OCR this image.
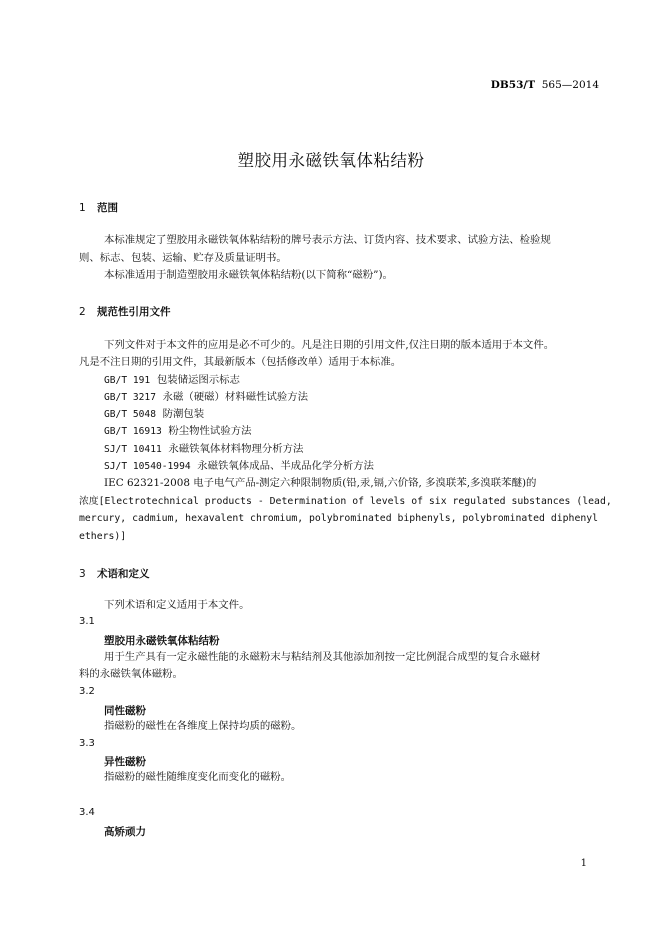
DB53/T 565—2014
塑胶用永磁铁氧体粘结粉
1 范围
本标准规定了塑胶用永磁铁氧体粘结粉的牌号表示方法、订货内容、技术要求、试验方法、检验规
则、标志、包装、运输、贮存及质量证明书。
本标准适用于制造塑胶用永磁铁氧体粘结粉(以下简称“磁粉”)。
2 规范性引用文件
下列文件对于本文件的应用是必不可少的。凡是注日期的引用文件,仅注日期的版本适用于本文件。
凡是不注日期的引用文件，其最新版本（包括修改单）适用于本标准。
GB/T 191 包装储运图示标志
GB/T 3217 永磁（硬磁）材料磁性试验方法
GB/T 5048 防潮包装
GB/T 16913 粉尘物性试验方法
SJ/T 10411 永磁铁氧体材料物理分析方法
SJ/T 10540-1994 永磁铁氧体成品、半成品化学分析方法
IEC 62321-2008 电子电气产品-测定六种限制物质(铅,汞,镉,六价铬, 多溴联苯,多溴联苯醚)的
浓度[Electrotechnical products - Determination of levels of six regulated substances (lead,
mercury, cadmium, hexavalent chromium, polybrominated biphenyls, polybrominated diphenyl
ethers)]
3 术语和定义
下列术语和定义适用于本文件。
3.1
塑胶用永磁铁氧体粘结粉
用于生产具有一定永磁性能的永磁粉末与粘结剂及其他添加剂按一定比例混合成型的复合永磁材
料的永磁铁氧体磁粉。
3.2
同性磁粉
指磁粉的磁性在各维度上保持均质的磁粉。
3.3
异性磁粉
指磁粉的磁性随维度变化而变化的磁粉。
3.4
高矫顽力
1
